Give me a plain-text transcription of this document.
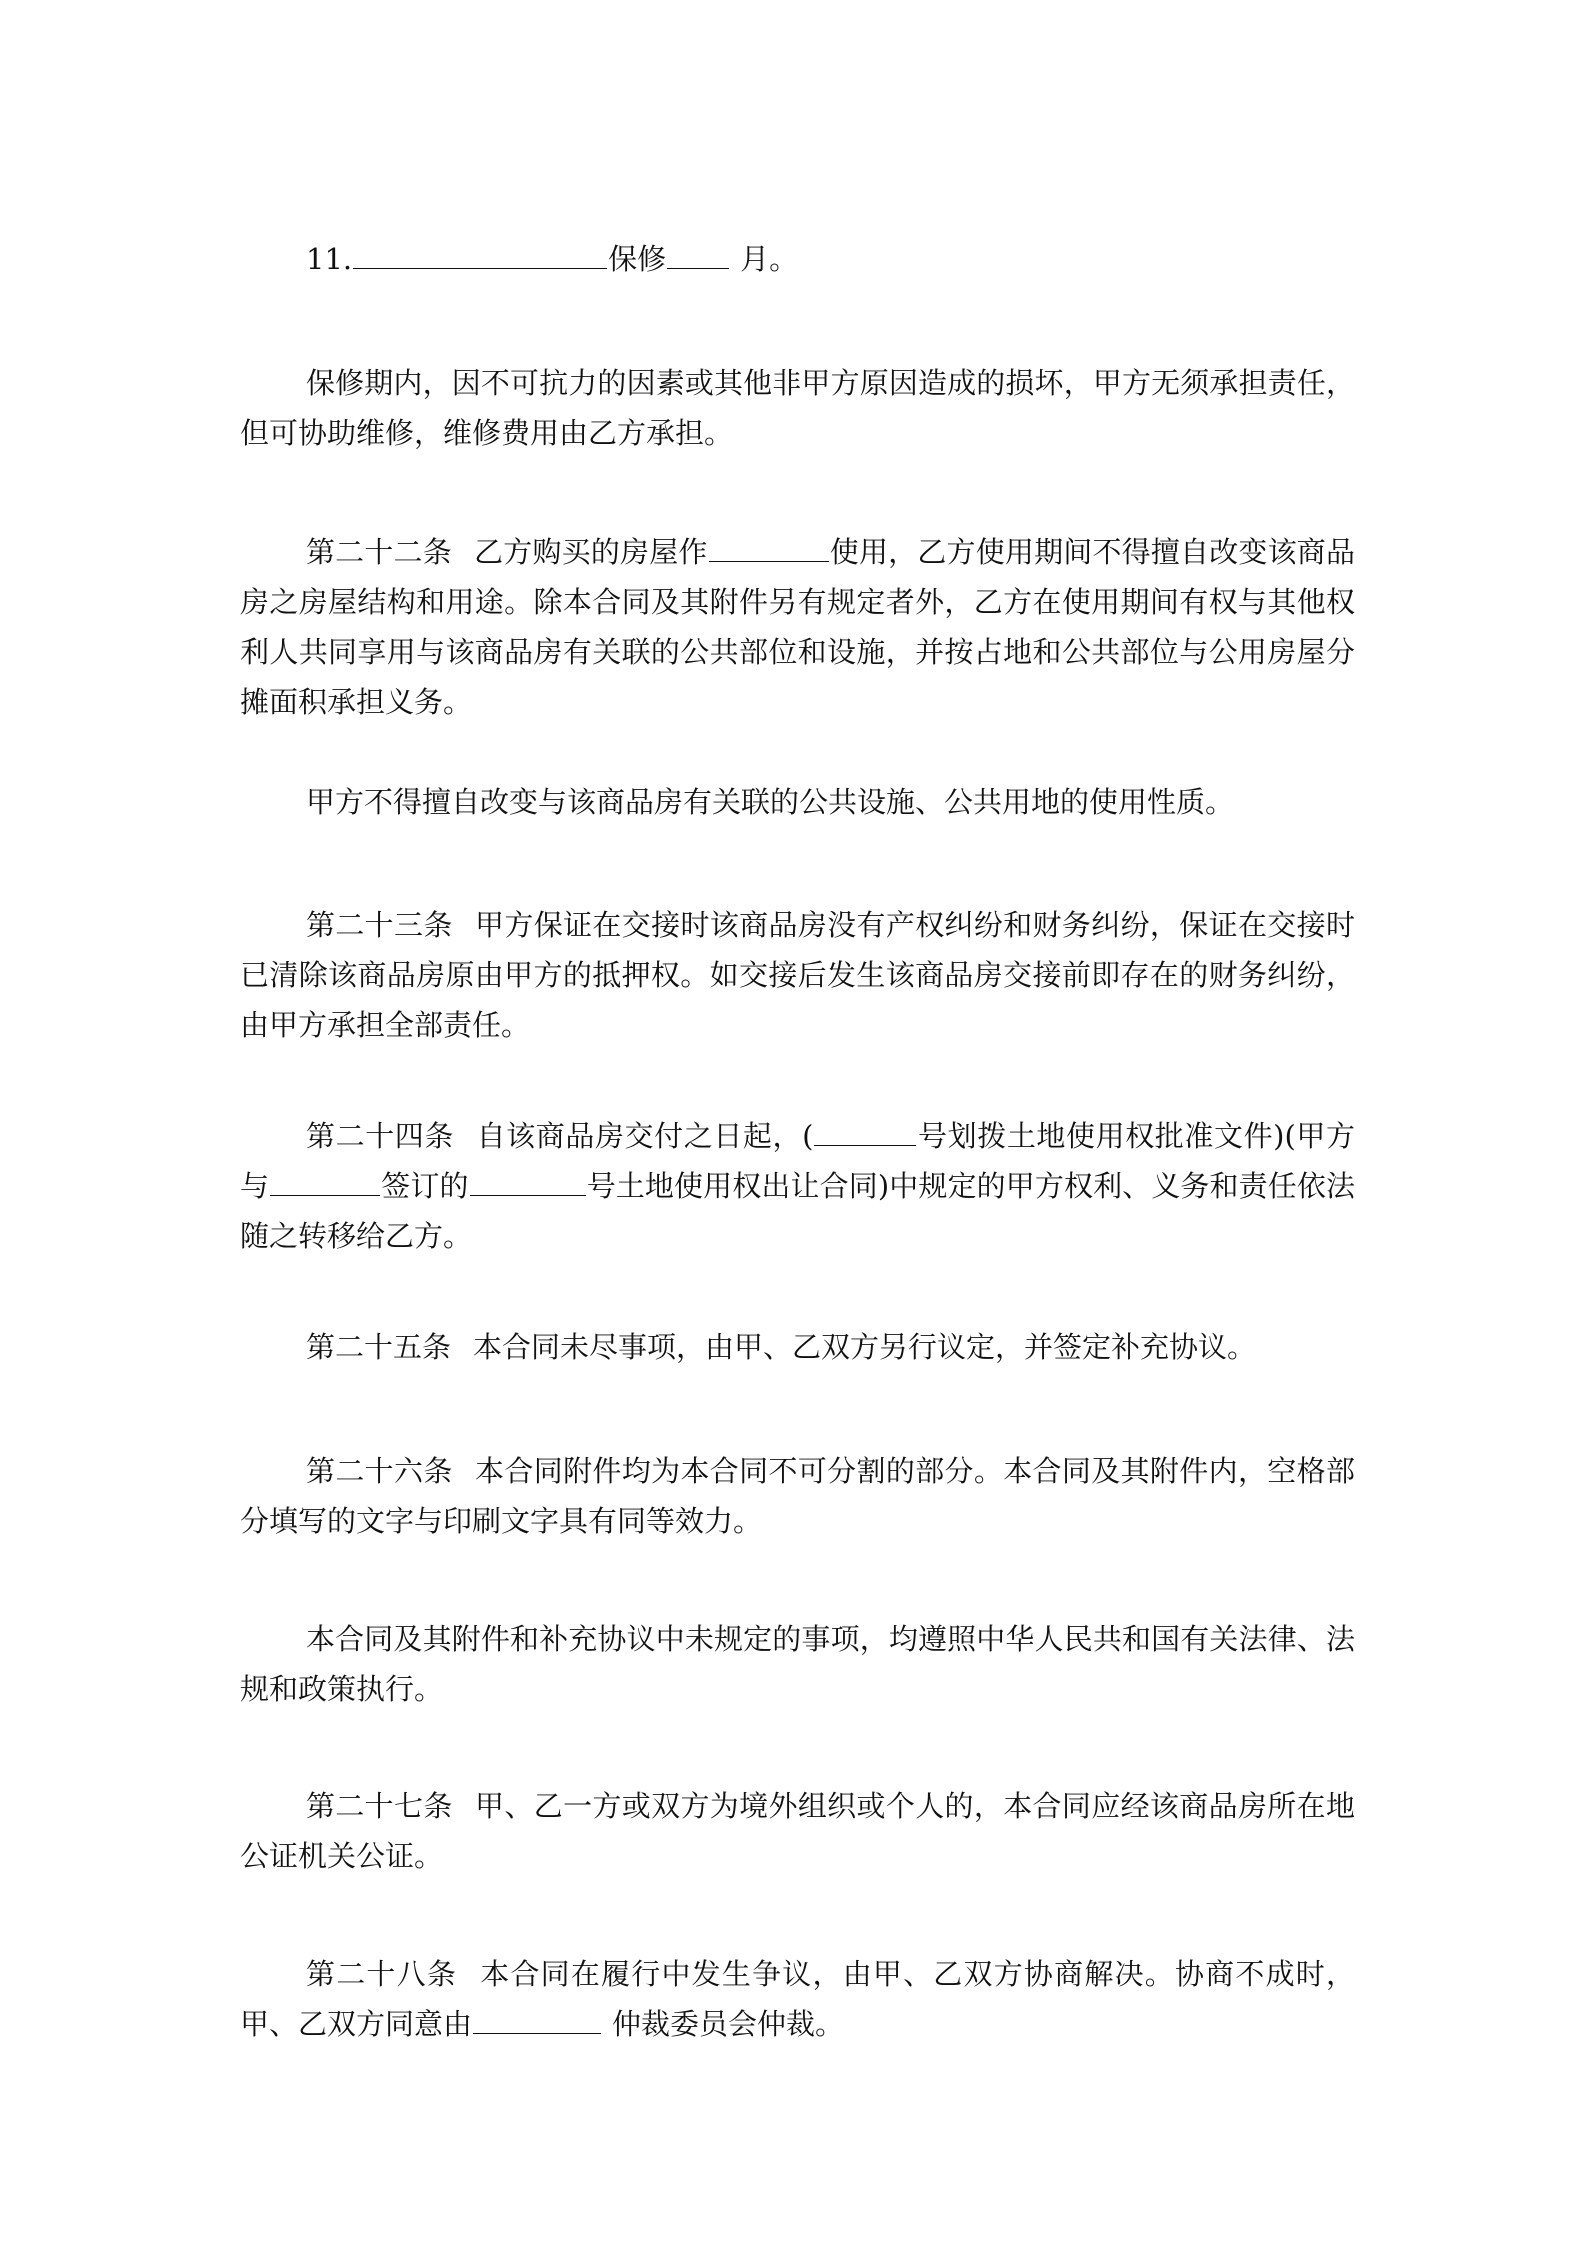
11.	保修	月。

保修期内，因不可抗力的因素或其他非甲方原因造成的损坏，甲方无须承担责任，但可协助维修，维修费用由乙方承担。

第二十二条 乙方购买的房屋作	使用，乙方使用期间不得擅自改变该商品房之房屋结构和用途。除本合同及其附件另有规定者外，乙方在使用期间有权与其他权利人共同享用与该商品房有关联的公共部位和设施，并按占地和公共部位与公用房屋分摊面积承担义务。

甲方不得擅自改变与该商品房有关联的公共设施、公共用地的使用性质。

第二十三条 甲方保证在交接时该商品房没有产权纠纷和财务纠纷，保证在交接时已清除该商品房原由甲方的抵押权。如交接后发生该商品房交接前即存在的财务纠纷，由甲方承担全部责任。

第二十四条 自该商品房交付之日起，(	号划拨土地使用权批准文件)(甲方与	签订的	号土地使用权出让合同)中规定的甲方权利、义务和责任依法随之转移给乙方。

第二十五条 本合同未尽事项，由甲、乙双方另行议定，并签定补充协议。

第二十六条 本合同附件均为本合同不可分割的部分。本合同及其附件内，空格部分填写的文字与印刷文字具有同等效力。

本合同及其附件和补充协议中未规定的事项，均遵照中华人民共和国有关法律、法规和政策执行。

第二十七条 甲、乙一方或双方为境外组织或个人的，本合同应经该商品房所在地公证机关公证。

第二十八条 本合同在履行中发生争议，由甲、乙双方协商解决。协商不成时，甲、乙双方同意由	仲裁委员会仲裁。
